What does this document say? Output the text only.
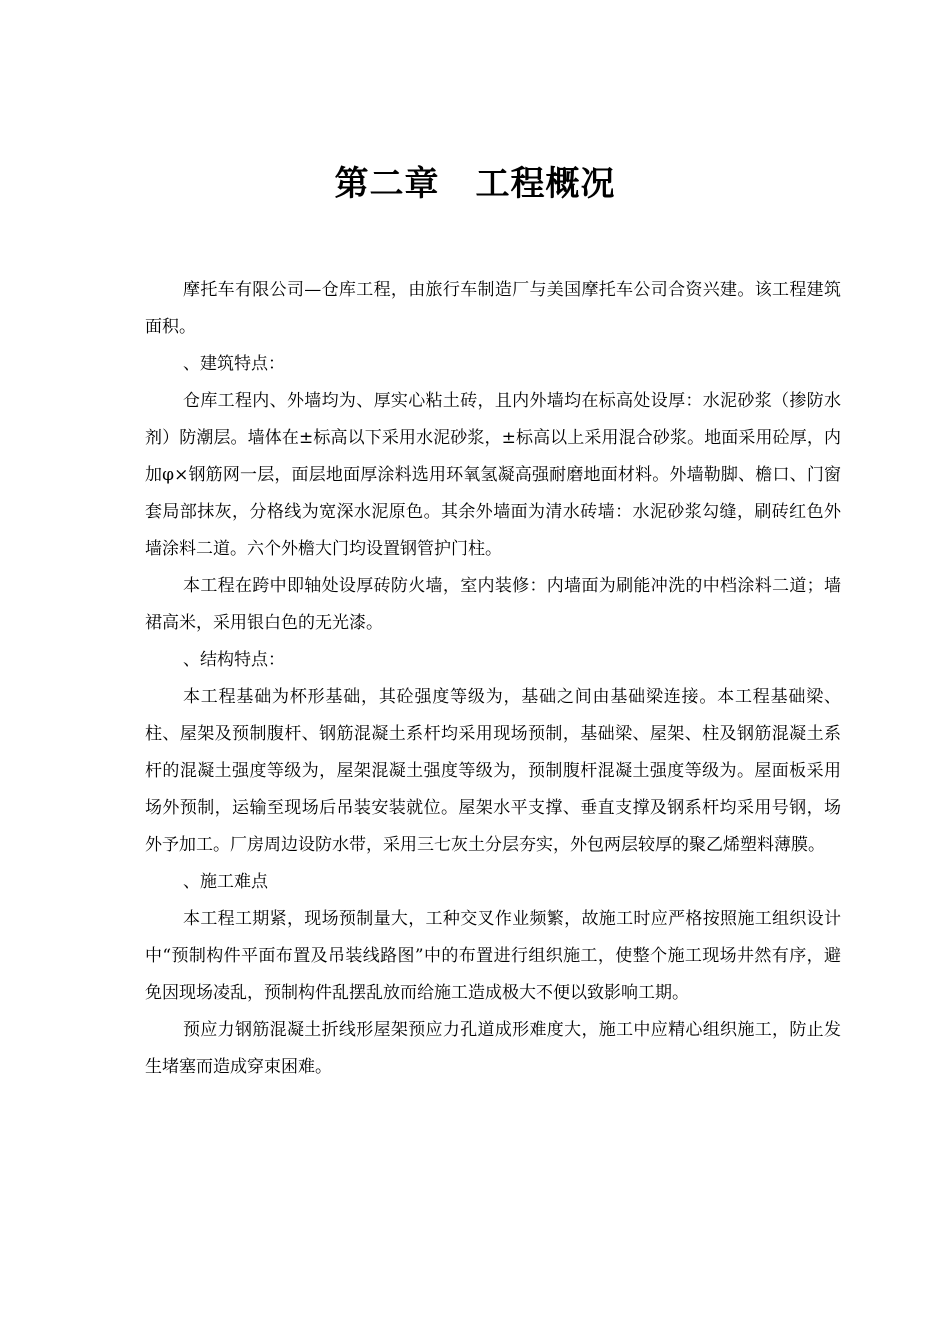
第二章 工程概况

摩托车有限公司—仓库工程，由旅行车制造厂与美国摩托车公司合资兴建。该工程建筑面积。

、建筑特点：

仓库工程内、外墙均为、厚实心粘土砖，且内外墙均在标高处设厚：水泥砂浆（掺防水剂）防潮层。墙体在±标高以下采用水泥砂浆，±标高以上采用混合砂浆。地面采用砼厚，内加φ×钢筋网一层，面层地面厚涂料选用环氧氢凝高强耐磨地面材料。外墙勒脚、檐口、门窗套局部抹灰，分格线为宽深水泥原色。其余外墙面为清水砖墙：水泥砂浆勾缝，刷砖红色外墙涂料二道。六个外檐大门均设置钢管护门柱。

本工程在跨中即轴处设厚砖防火墙，室内装修：内墙面为刷能冲洗的中档涂料二道；墙裙高米，采用银白色的无光漆。

、结构特点：

本工程基础为杯形基础，其砼强度等级为，基础之间由基础梁连接。本工程基础梁、柱、屋架及预制腹杆、钢筋混凝土系杆均采用现场预制，基础梁、屋架、柱及钢筋混凝土系杆的混凝土强度等级为，屋架混凝土强度等级为，预制腹杆混凝土强度等级为。屋面板采用场外预制，运输至现场后吊装安装就位。屋架水平支撑、垂直支撑及钢系杆均采用号钢，场外予加工。厂房周边设防水带，采用三七灰土分层夯实，外包两层较厚的聚乙烯塑料薄膜。

、施工难点

本工程工期紧，现场预制量大，工种交叉作业频繁，故施工时应严格按照施工组织设计中“预制构件平面布置及吊装线路图”中的布置进行组织施工，使整个施工现场井然有序，避免因现场凌乱，预制构件乱摆乱放而给施工造成极大不便以致影响工期。

预应力钢筋混凝土折线形屋架预应力孔道成形难度大，施工中应精心组织施工，防止发生堵塞而造成穿束困难。
